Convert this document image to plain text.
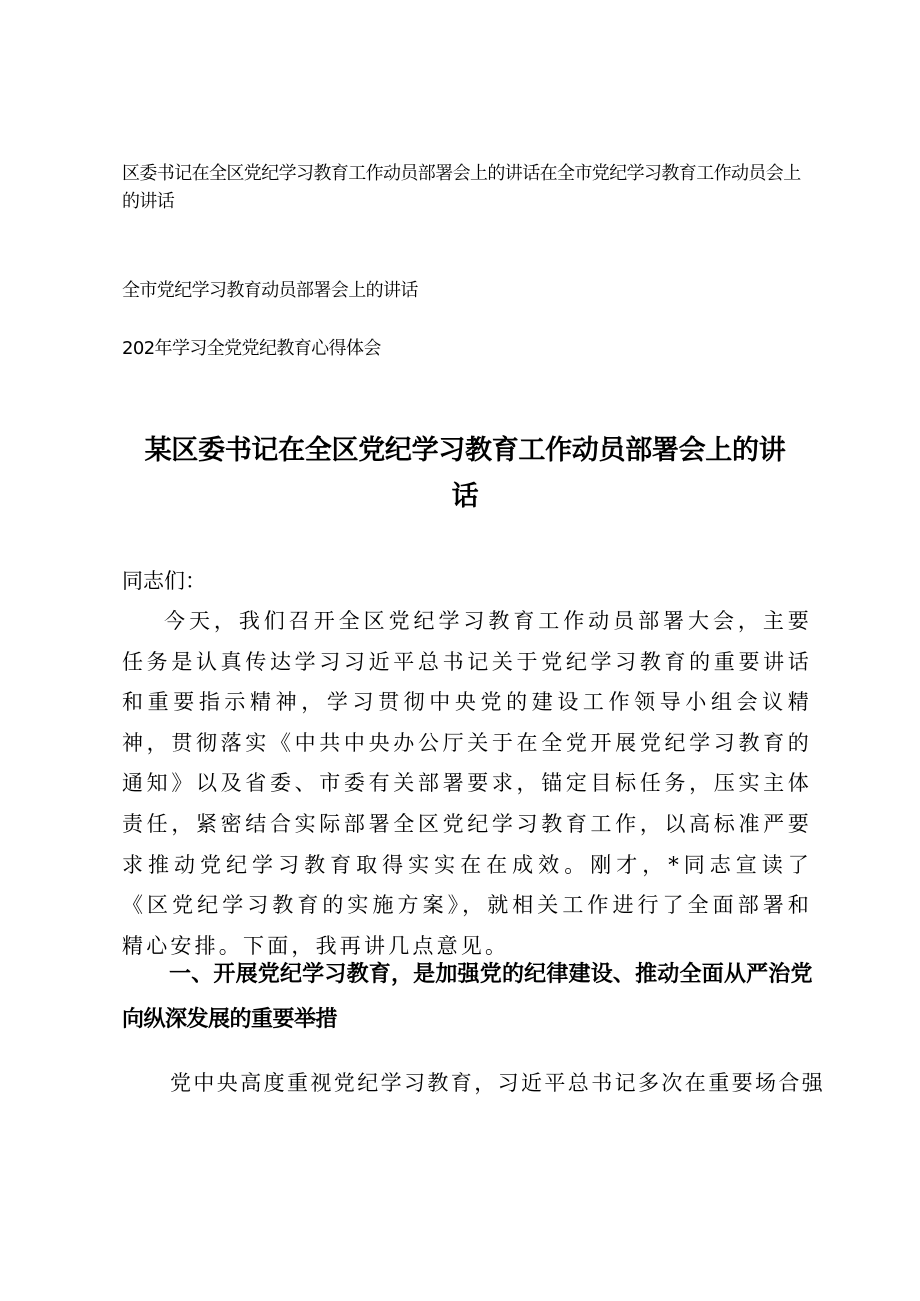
区委书记在全区党纪学习教育工作动员部署会上的讲话在全市党纪学习教育工作动员会上的讲话

全市党纪学习教育动员部署会上的讲话

202年学习全党党纪教育心得体会

某区委书记在全区党纪学习教育工作动员部署会上的讲话

同志们：

今天，我们召开全区党纪学习教育工作动员部署大会，主要任务是认真传达学习习近平总书记关于党纪学习教育的重要讲话和重要指示精神，学习贯彻中央党的建设工作领导小组会议精神，贯彻落实《中共中央办公厅关于在全党开展党纪学习教育的通知》以及省委、市委有关部署要求，锚定目标任务，压实主体责任，紧密结合实际部署全区党纪学习教育工作，以高标准严要求推动党纪学习教育取得实实在在成效。刚才，*同志宣读了《区党纪学习教育的实施方案》，就相关工作进行了全面部署和精心安排。下面，我再讲几点意见。

一、开展党纪学习教育，是加强党的纪律建设、推动全面从严治党向纵深发展的重要举措

党中央高度重视党纪学习教育，习近平总书记多次在重要场合强
